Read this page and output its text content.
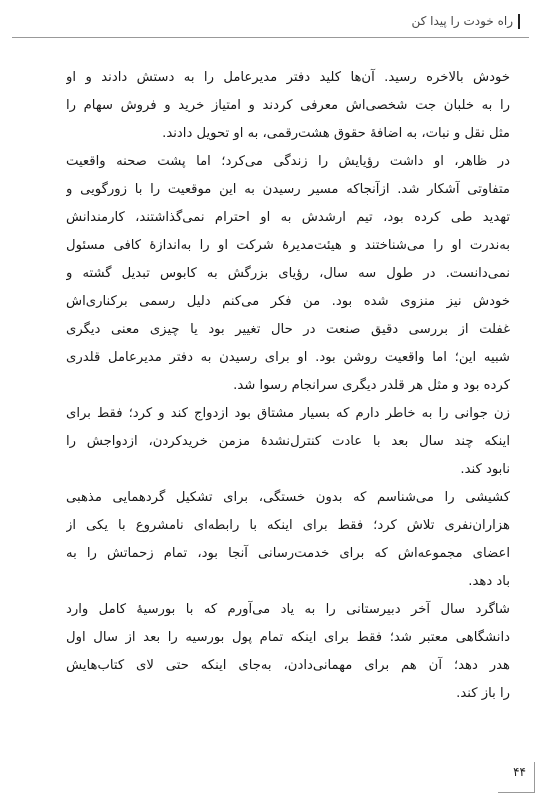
راه خودت را پیدا کن
خودش بالاخره رسید. آن‌ها کلید دفتر مدیرعامل را به دستش دادند و او
را به خلبان جت شخصی‌اش معرفی کردند و امتیاز خرید و فروش سهام را
مثل نقل و نبات، به اضافهٔ حقوق هشت‌رقمی، به او تحویل دادند.
در ظاهر، او داشت رؤیایش را زندگی می‌کرد؛ اما پشت صحنه واقعیت
متفاوتی آشکار شد. ازآنجاکه مسیر رسیدن به این موقعیت را با زورگویی و
تهدید طی کرده بود، تیم ارشدش به او احترام نمی‌گذاشتند، کارمندانش
به‌ندرت او را می‌شناختند و هیئت‌مدیرهٔ شرکت او را به‌اندازهٔ کافی مسئول
نمی‌دانست. در طول سه سال، رؤیای بزرگش به کابوس تبدیل گشته و
خودش نیز منزوی شده بود. من فکر می‌کنم دلیل رسمی برکناری‌اش
غفلت از بررسی دقیق صنعت در حال تغییر بود یا چیزی معنی دیگری
شبیه این؛ اما واقعیت روشن بود. او برای رسیدن به دفتر مدیرعامل قلدری
کرده بود و مثل هر قلدر دیگری سرانجام رسوا شد.
زن جوانی را به خاطر دارم که بسیار مشتاق بود ازدواج کند و کرد؛ فقط برای
اینکه چند سال بعد با عادت کنترل‌نشدهٔ مزمن خریدکردن، ازدواجش را
نابود کند.
کشیشی را می‌شناسم که بدون خستگی، برای تشکیل گردهمایی مذهبی
هزاران‌نفری تلاش کرد؛ فقط برای اینکه با رابطه‌ای نامشروع با یکی از
اعضای مجموعه‌اش که برای خدمت‌رسانی آنجا بود، تمام زحماتش را به
باد دهد.
شاگرد سال آخر دبیرستانی را به یاد می‌آورم که با بورسیهٔ کامل وارد
دانشگاهی معتبر شد؛ فقط برای اینکه تمام پول بورسیه را بعد از سال اول
هدر دهد؛ آن هم برای مهمانی‌دادن، به‌جای اینکه حتی لای کتاب‌هایش
را باز کند.
۴۴
